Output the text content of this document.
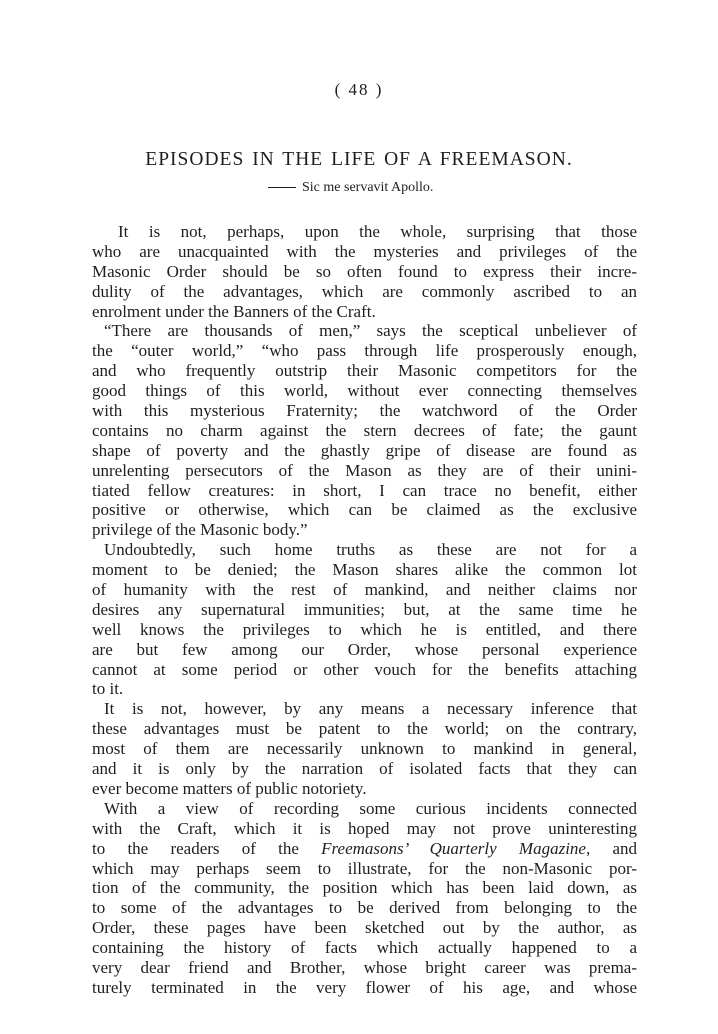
( 48 )
EPISODES IN THE LIFE OF A FREEMASON.
Sic me servavit Apollo.
It is not, perhaps, upon the whole, surprising that those
who are unacquainted with the mysteries and privileges of the
Masonic Order should be so often found to express their incre-
dulity of the advantages, which are commonly ascribed to an
enrolment under the Banners of the Craft.
“There are thousands of men,” says the sceptical unbeliever of
the “outer world,” “who pass through life prosperously enough,
and who frequently outstrip their Masonic competitors for the
good things of this world, without ever connecting themselves
with this mysterious Fraternity; the watchword of the Order
contains no charm against the stern decrees of fate; the gaunt
shape of poverty and the ghastly gripe of disease are found as
unrelenting persecutors of the Mason as they are of their unini-
tiated fellow creatures: in short, I can trace no benefit, either
positive or otherwise, which can be claimed as the exclusive
privilege of the Masonic body.”
Undoubtedly, such home truths as these are not for a
moment to be denied; the Mason shares alike the common lot
of humanity with the rest of mankind, and neither claims nor
desires any supernatural immunities; but, at the same time he
well knows the privileges to which he is entitled, and there
are but few among our Order, whose personal experience
cannot at some period or other vouch for the benefits attaching
to it.
It is not, however, by any means a necessary inference that
these advantages must be patent to the world; on the contrary,
most of them are necessarily unknown to mankind in general,
and it is only by the narration of isolated facts that they can
ever become matters of public notoriety.
With a view of recording some curious incidents connected
with the Craft, which it is hoped may not prove uninteresting
to the readers of the Freemasons’ Quarterly Magazine, and
which may perhaps seem to illustrate, for the non-Masonic por-
tion of the community, the position which has been laid down, as
to some of the advantages to be derived from belonging to the
Order, these pages have been sketched out by the author, as
containing the history of facts which actually happened to a
very dear friend and Brother, whose bright career was prema-
turely terminated in the very flower of his age, and whose
